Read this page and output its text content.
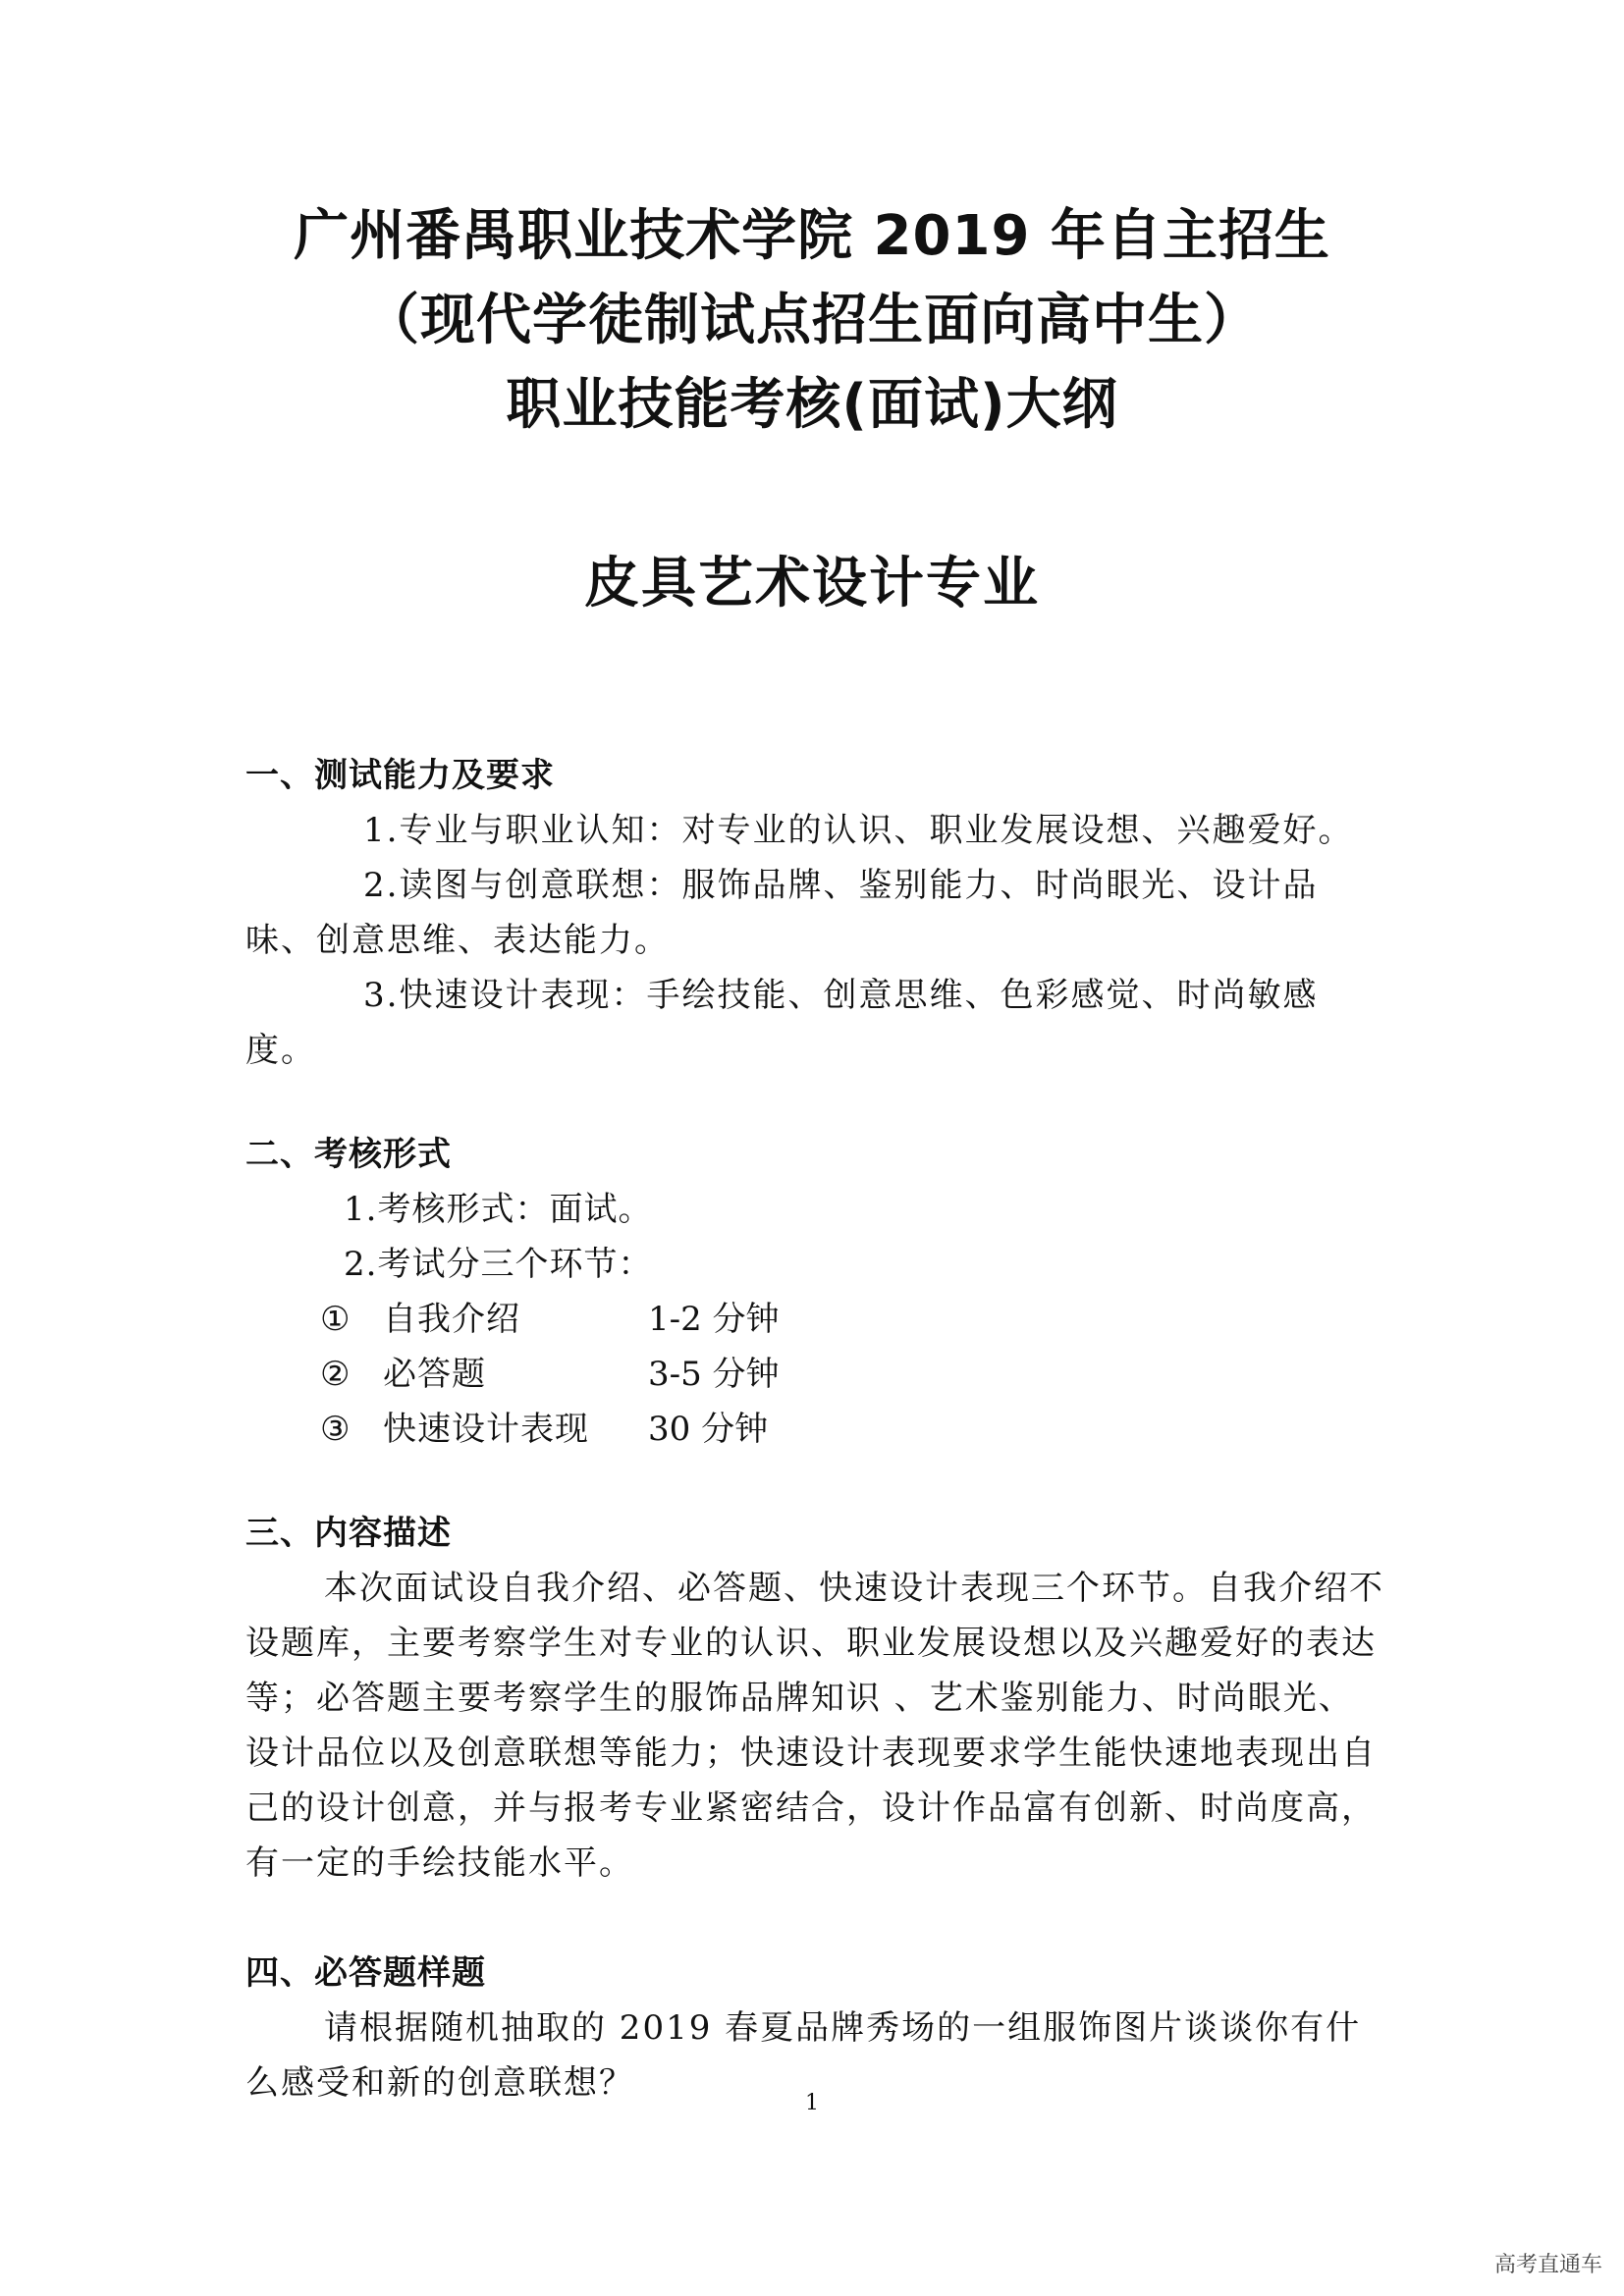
广州番禺职业技术学院 2019 年自主招生
（现代学徒制试点招生面向高中生）
职业技能考核(面试)大纲
皮具艺术设计专业
一、测试能力及要求
1.专业与职业认知：对专业的认识、职业发展设想、兴趣爱好。
2.读图与创意联想：服饰品牌、鉴别能力、时尚眼光、设计品味、创意思维、表达能力。
3.快速设计表现：手绘技能、创意思维、色彩感觉、时尚敏感度。
二、考核形式
1.考核形式：面试。
2.考试分三个环节：
① 自我介绍	1-2 分钟
② 必答题	3-5 分钟
③ 快速设计表现 30 分钟
三、内容描述
本次面试设自我介绍、必答题、快速设计表现三个环节。自我介绍不设题库，主要考察学生对专业的认识、职业发展设想以及兴趣爱好的表达等；必答题主要考察学生的服饰品牌知识 、艺术鉴别能力、时尚眼光、设计品位以及创意联想等能力；快速设计表现要求学生能快速地表现出自己的设计创意，并与报考专业紧密结合，设计作品富有创新、时尚度高，有一定的手绘技能水平。
四、必答题样题
请根据随机抽取的 2019 春夏品牌秀场的一组服饰图片谈谈你有什么感受和新的创意联想？
1
高考直通车
